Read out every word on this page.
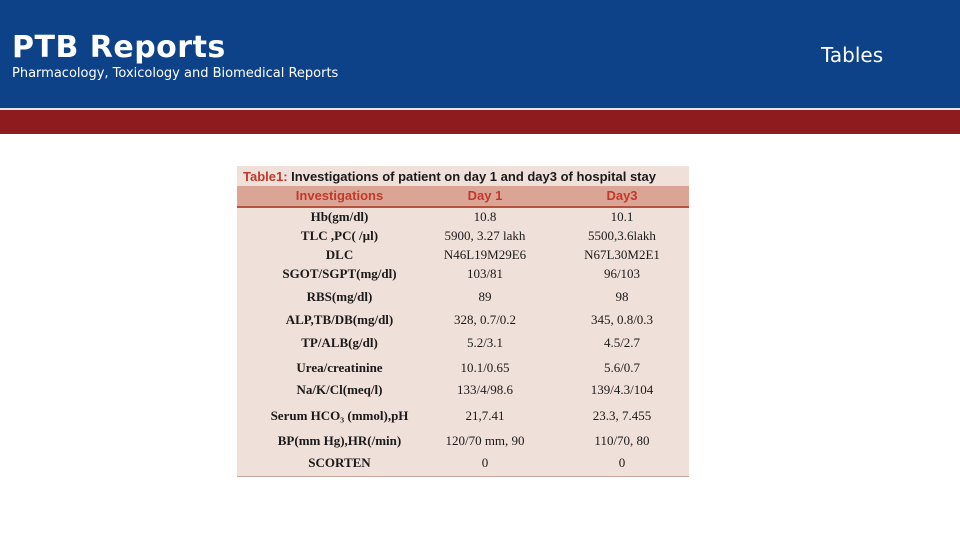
PTB Reports
Pharmacology, Toxicology and Biomedical Reports
Tables
Table1: Investigations of patient on day 1 and day3 of hospital stay
Investigations	Day 1	Day3
Hb(gm/dl)	10.8	10.1
TLC ,PC( /µl)	5900, 3.27 lakh	5500,3.6lakh
DLC	N46L19M29E6	N67L30M2E1
SGOT/SGPT(mg/dl)	103/81	96/103
RBS(mg/dl)	89	98
ALP,TB/DB(mg/dl)	328, 0.7/0.2	345, 0.8/0.3
TP/ALB(g/dl)	5.2/3.1	4.5/2.7
Urea/creatinine	10.1/0.65	5.6/0.7
Na/K/Cl(meq/l)	133/4/98.6	139/4.3/104
Serum HCO₃ (mmol),pH	21,7.41	23.3, 7.455
BP(mm Hg),HR(/min)	120/70 mm, 90	110/70, 80
SCORTEN	0	0
